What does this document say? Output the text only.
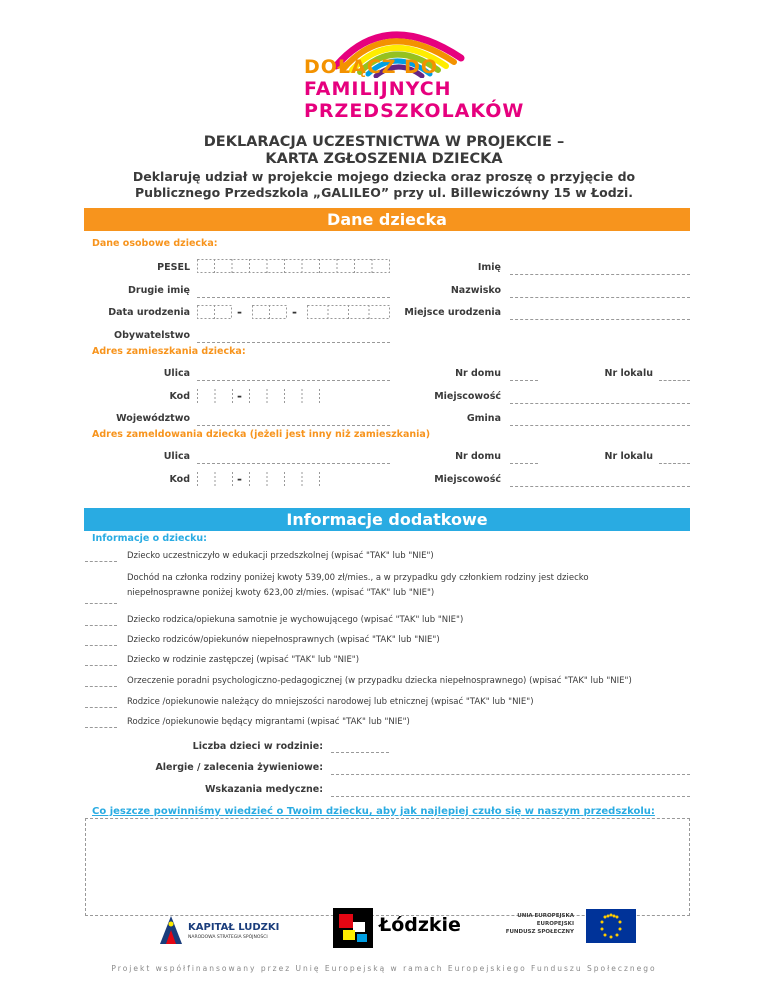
DOŁĄCZ DO
FAMILIJNYCH
PRZEDSZKOLAKÓW
DEKLARACJA UCZESTNICTWA W PROJEKCIE –
KARTA ZGŁOSZENIA DZIECKA
Deklaruję udział w projekcie mojego dziecka oraz proszę o przyjęcie do
Publicznego Przedszkola „GALILEO” przy ul. Billewiczówny 15 w Łodzi.
Dane dziecka
Dane osobowe dziecka:
PESEL	Imię
Drugie imię	Nazwisko
Data urodzenia	-	-	Miejsce urodzenia
Obywatelstwo
Adres zamieszkania dziecka:
Ulica	Nr domu	Nr lokalu
Kod	-	Miejscowość
Województwo	Gmina
Adres zameldowania dziecka (jeżeli jest inny niż zamieszkania)
Ulica	Nr domu	Nr lokalu
Kod	-	Miejscowość
Informacje dodatkowe
Informacje o dziecku:
Dziecko uczestniczyło w edukacji przedszkolnej (wpisać "TAK" lub "NIE")
Dochód na członka rodziny poniżej kwoty 539,00 zł/mies., a w przypadku gdy członkiem rodziny jest dziecko
niepełnosprawne poniżej kwoty 623,00 zł/mies. (wpisać "TAK" lub "NIE")
Dziecko rodzica/opiekuna samotnie je wychowującego (wpisać "TAK" lub "NIE")
Dziecko rodziców/opiekunów niepełnosprawnych (wpisać "TAK" lub "NIE")
Dziecko w rodzinie zastępczej (wpisać "TAK" lub "NIE")
Orzeczenie poradni psychologiczno-pedagogicznej (w przypadku dziecka niepełnosprawnego) (wpisać "TAK" lub "NIE")
Rodzice /opiekunowie należący do mniejszości narodowej lub etnicznej (wpisać "TAK" lub "NIE")
Rodzice /opiekunowie będący migrantami (wpisać "TAK" lub "NIE")
Liczba dzieci w rodzinie:
Alergie / zalecenia żywieniowe:
Wskazania medyczne:
Co jeszcze powinniśmy wiedzieć o Twoim dziecku, aby jak najlepiej czuło się w naszym przedszkolu:
KAPITAŁ LUDZKI
NARODOWA STRATEGIA SPÓJNOŚCI
Łódzkie	UNIA EUROPEJSKA
EUROPEJSKI
FUNDUSZ SPOŁECZNY
Projekt współfinansowany przez Unię Europejską w ramach Europejskiego Funduszu Społecznego
